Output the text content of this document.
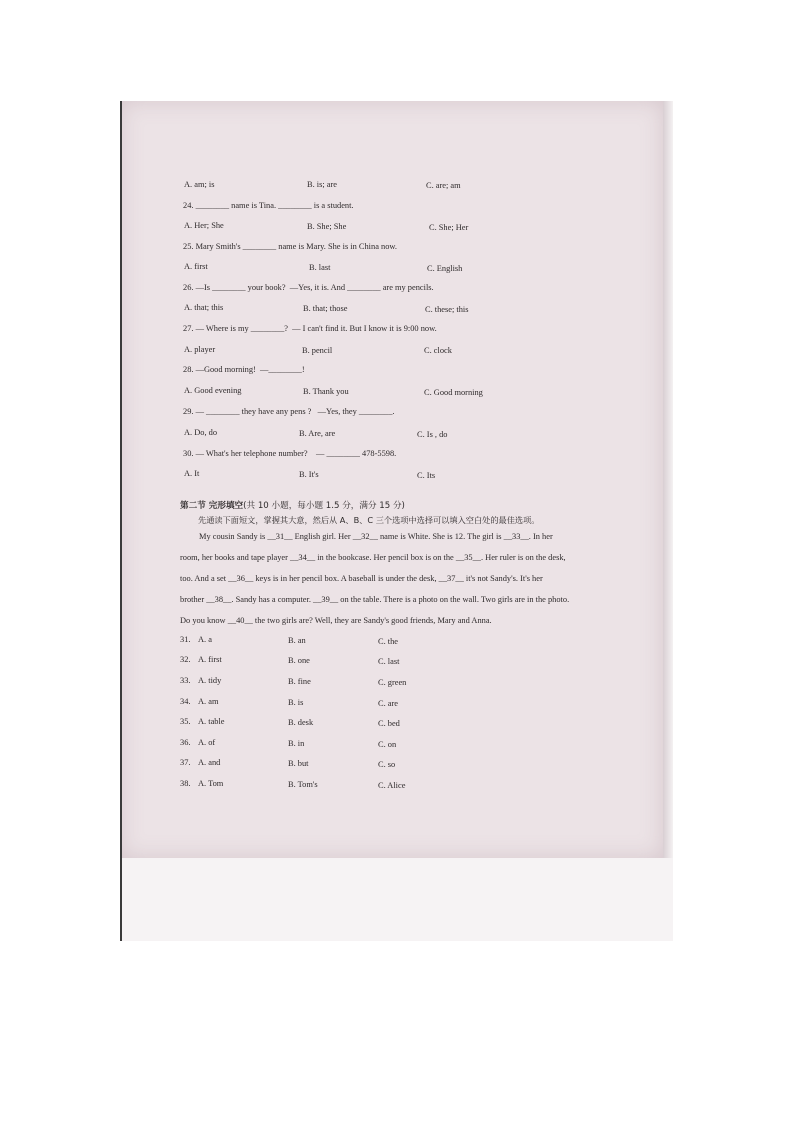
A. am; is	B. is; are	C. are; am
24. ________ name is Tina. ________ is a student.
A. Her; She	B. She; She	C. She; Her
25. Mary Smith's ________ name is Mary. She is in China now.
A. first	B. last	C. English
26. —Is ________ your book?  —Yes, it is. And ________ are my pencils.
A. that; this	B. that; those	C. these; this
27. — Where is my ________?  — I can't find it. But I know it is 9:00 now.
A. player	B. pencil	C. clock
28. —Good morning!  —________!
A. Good evening	B. Thank you	C. Good morning
29. — ________ they have any pens ?   —Yes, they ________.
A. Do, do	B. Are, are	C. Is , do
30. — What's her telephone number?    — ________ 478-5598.
A. It	B. It's	C. Its
第二节 完形填空(共 10 小题，每小题 1.5 分，满分 15 分)
先通读下面短文，掌握其大意，然后从 A、B、C 三个选项中选择可以填入空白处的最佳选项。
My cousin Sandy is __31__ English girl. Her __32__ name is White. She is 12. The girl is __33__. In her
room, her books and tape player __34__ in the bookcase. Her pencil box is on the __35__. Her ruler is on the desk,
too. And a set __36__ keys is in her pencil box. A baseball is under the desk, __37__ it's not Sandy's. It's her
brother __38__. Sandy has a computer. __39__ on the table. There is a photo on the wall. Two girls are in the photo.
Do you know __40__ the two girls are? Well, they are Sandy's good friends, Mary and Anna.
31. A. a	B. an	C. the
32. A. first	B. one	C. last
33. A. tidy	B. fine	C. green
34. A. am	B. is	C. are
35. A. table	B. desk	C. bed
36. A. of	B. in	C. on
37. A. and	B. but	C. so
38. A. Tom	B. Tom's	C. Alice
